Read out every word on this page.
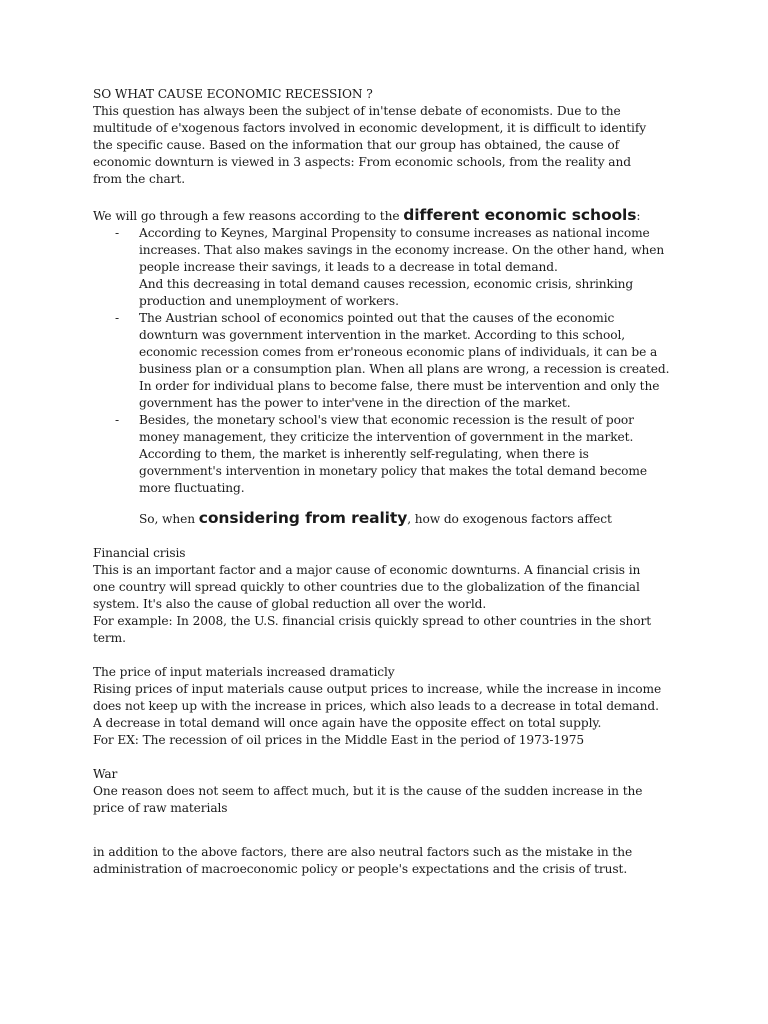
SO WHAT CAUSE ECONOMIC RECESSION ?

This question has always been the subject of in'tense debate of economists. Due to the
multitude of e'xogenous factors involved in economic development, it is difficult to identify
the specific cause. Based on the information that our group has obtained, the cause of
economic downturn is viewed in 3 aspects: From economic schools, from the reality and
from the chart.

We will go through a few reasons according to the different economic schools:

- According to Keynes, Marginal Propensity to consume increases as national income
increases. That also makes savings in the economy increase. On the other hand, when
people increase their savings, it leads to a decrease in total demand.
And this decreasing in total demand causes recession, economic crisis, shrinking
production and unemployment of workers.
- The Austrian school of economics pointed out that the causes of the economic
downturn was government intervention in the market. According to this school,
economic recession comes from er'roneous economic plans of individuals, it can be a
business plan or a consumption plan. When all plans are wrong, a recession is created.
In order for individual plans to become false, there must be intervention and only the
government has the power to inter'vene in the direction of the market.
- Besides, the monetary school's view that economic recession is the result of poor
money management, they criticize the intervention of government in the market.
According to them, the market is inherently self-regulating, when there is
government's intervention in monetary policy that makes the total demand become
more fluctuating.

So, when considering from reality, how do exogenous factors affect

Financial crisis

This is an important factor and a major cause of economic downturns. A financial crisis in
one country will spread quickly to other countries due to the globalization of the financial
system. It's also the cause of global reduction all over the world.
For example: In 2008, the U.S. financial crisis quickly spread to other countries in the short
term.

The price of input materials increased dramaticly

Rising prices of input materials cause output prices to increase, while the increase in income
does not keep up with the increase in prices, which also leads to a decrease in total demand.
A decrease in total demand will once again have the opposite effect on total supply.
For EX: The recession of oil prices in the Middle East in the period of 1973-1975

War

One reason does not seem to affect much, but it is the cause of the sudden increase in the
price of raw materials

in addition to the above factors, there are also neutral factors such as the mistake in the
administration of macroeconomic policy or people's expectations and the crisis of trust.
